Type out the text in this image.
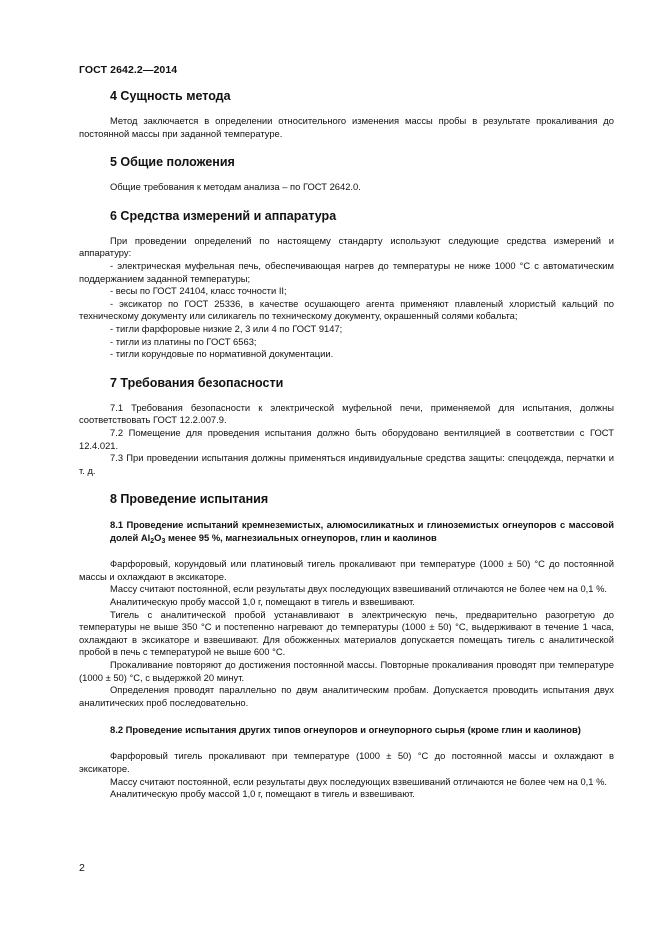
ГОСТ 2642.2—2014
4 Сущность метода

Метод заключается в определении относительного изменения массы пробы в результате прокаливания до постоянной массы при заданной температуре.

5 Общие положения

Общие требования к методам анализа – по ГОСТ 2642.0.

6 Средства измерений и аппаратура

При проведении определений по настоящему стандарту используют следующие средства измерений и аппаратуру:

- электрическая муфельная печь, обеспечивающая нагрев до температуры не ниже 1000 °С с автоматическим поддержанием заданной температуры;

- весы по ГОСТ 24104, класс точности II;

- эксикатор по ГОСТ 25336, в качестве осушающего агента применяют плавленый хлористый кальций по техническому документу или силикагель по техническому документу, окрашенный солями кобальта;

- тигли фарфоровые низкие 2, 3 или 4 по ГОСТ 9147;

- тигли из платины по ГОСТ 6563;

- тигли корундовые по нормативной документации.

7 Требования безопасности

7.1 Требования безопасности к электрической муфельной печи, применяемой для испытания, должны соответствовать ГОСТ 12.2.007.9.

7.2 Помещение для проведения испытания должно быть оборудовано вентиляцией в соответствии с ГОСТ 12.4.021.

7.3 При проведении испытания должны применяться индивидуальные средства защиты: спецодежда, перчатки и т. д.

8 Проведение испытания
8.1 Проведение испытаний кремнеземистых, алюмосиликатных и глиноземистых огнеупоров с массовой долей $Al_2O_3$ менее 95 %, магнезиальных огнеупоров, глин и каолинов

Фарфоровый, корундовый или платиновый тигель прокаливают при температуре (1000 ± 50) °С до постоянной массы и охлаждают в эксикаторе.

Массу считают постоянной, если результаты двух последующих взвешиваний отличаются не более чем на 0,1 %.

Аналитическую пробу массой 1,0 г, помещают в тигель и взвешивают.

Тигель с аналитической пробой устанавливают в электрическую печь, предварительно разогретую до температуры не выше 350 °С и постепенно нагревают до температуры (1000 ± 50) °С, выдерживают в течение 1 часа, охлаждают в эксикаторе и взвешивают. Для обожженных материалов допускается помещать тигель с аналитической пробой в печь с температурой не выше 600 °С.

Прокаливание повторяют до достижения постоянной массы. Повторные прокаливания проводят при температуре (1000 ± 50) °С, с выдержкой 20 минут.

Определения проводят параллельно по двум аналитическим пробам. Допускается проводить испытания двух аналитических проб последовательно.

8.2 Проведение испытания других типов огнеупоров и огнеупорного сырья (кроме глин и каолинов)

Фарфоровый тигель прокаливают при температуре (1000 ± 50) °С до постоянной массы и охлаждают в эксикаторе.

Массу считают постоянной, если результаты двух последующих взвешиваний отличаются не более чем на 0,1 %.

Аналитическую пробу массой 1,0 г, помещают в тигель и взвешивают.

2
